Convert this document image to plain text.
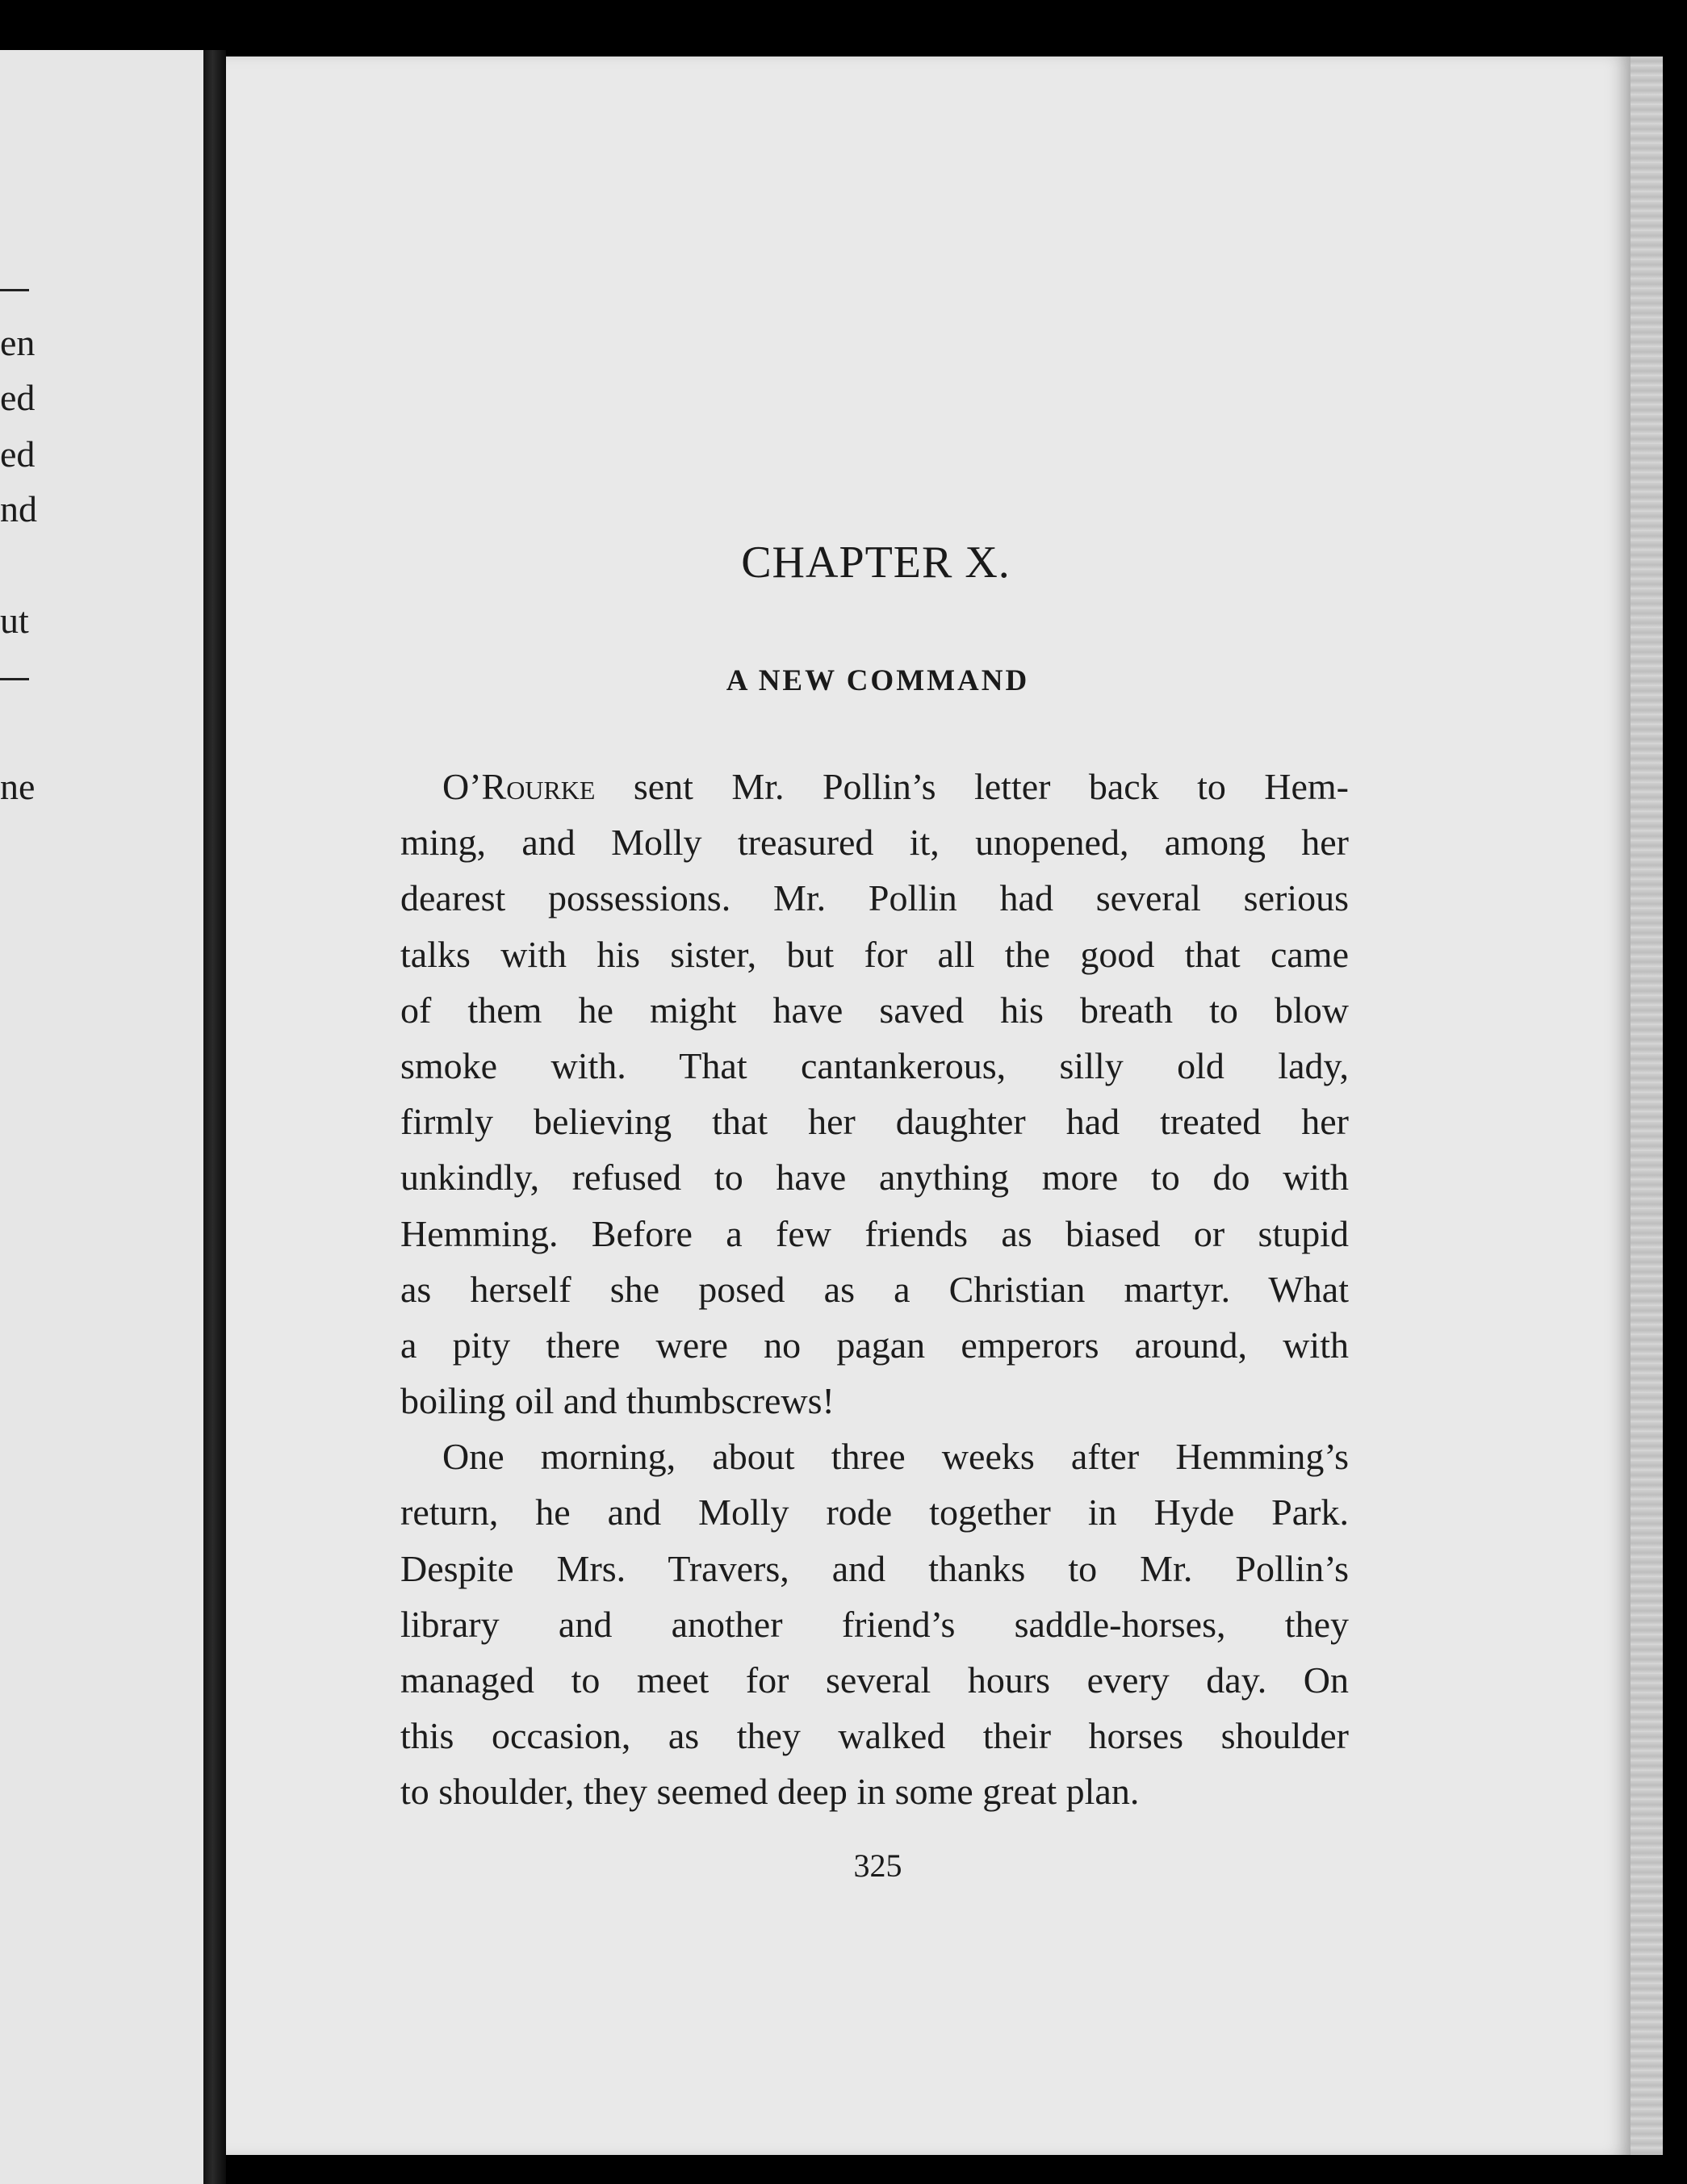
en
ed
ed
nd
ut
ne
CHAPTER X.
A NEW COMMAND
O’Rourke sent Mr. Pollin’s letter back to Hem-
ming, and Molly treasured it, unopened, among her
dearest possessions. Mr. Pollin had several serious
talks with his sister, but for all the good that came
of them he might have saved his breath to blow
smoke with. That cantankerous, silly old lady,
firmly believing that her daughter had treated her
unkindly, refused to have anything more to do with
Hemming. Before a few friends as biased or stupid
as herself she posed as a Christian martyr. What
a pity there were no pagan emperors around, with
boiling oil and thumbscrews!
One morning, about three weeks after Hemming’s
return, he and Molly rode together in Hyde Park.
Despite Mrs. Travers, and thanks to Mr. Pollin’s
library and another friend’s saddle-horses, they
managed to meet for several hours every day. On
this occasion, as they walked their horses shoulder
to shoulder, they seemed deep in some great plan.
325
